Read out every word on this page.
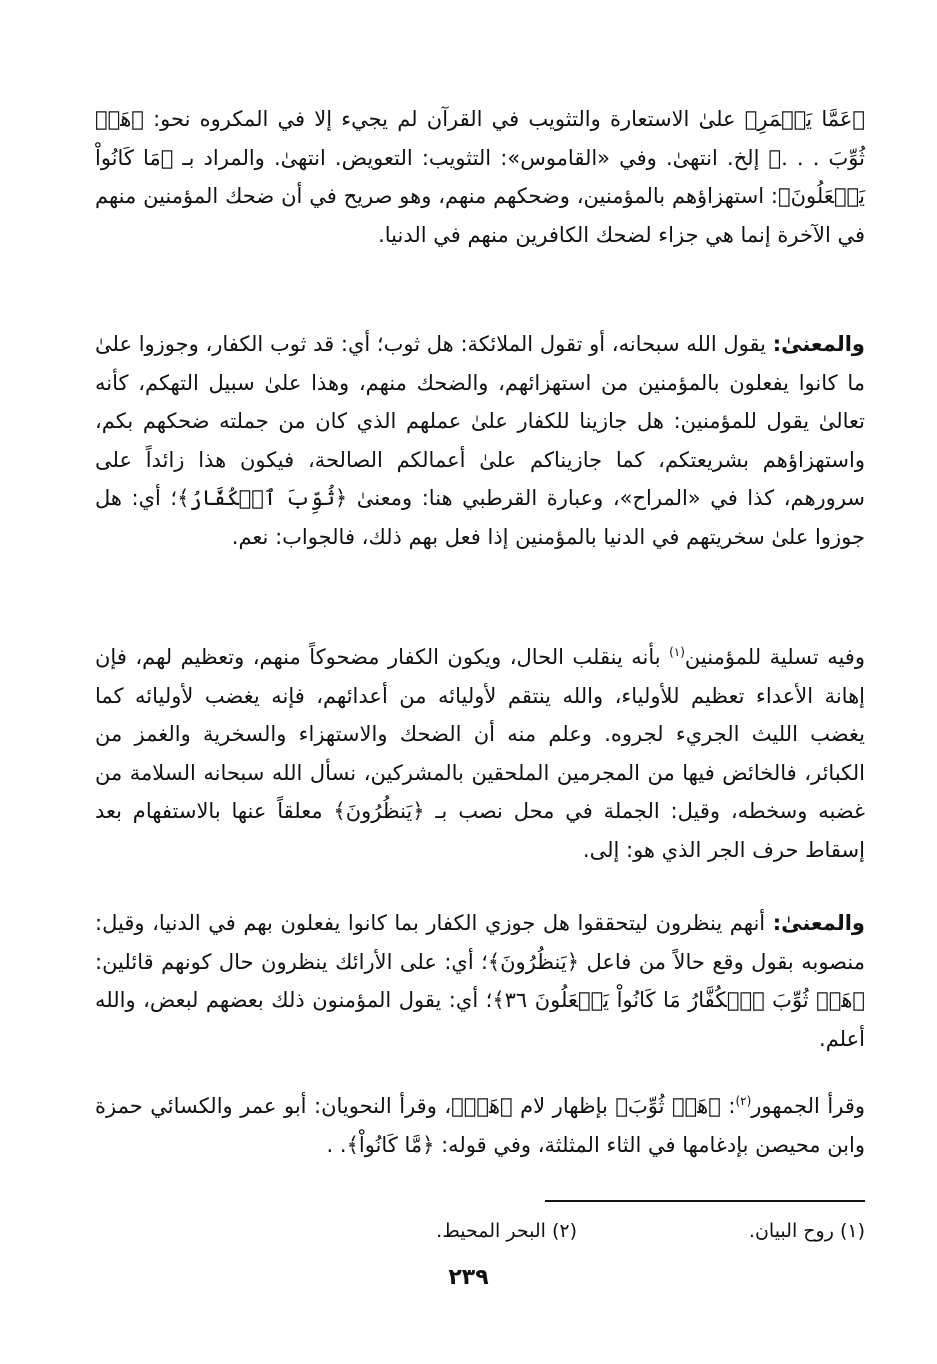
﴿عَمَّا يَعۡمَرِ﴾ علىٰ الاستعارة والتثويب في القرآن لم يجيء إلا في المكروه نحو: ﴿هَلۡ ثُوِّبَ . . .﴾ إلخ. انتهىٰ. وفي «القاموس»: التثويب: التعويض. انتهىٰ. والمراد بـ ﴿مَا كَانُواْ يَفۡعَلُونَ﴾: استهزاؤهم بالمؤمنين، وضحكهم منهم، وهو صريح في أن ضحك المؤمنين منهم في الآخرة إنما هي جزاء لضحك الكافرين منهم في الدنيا.

والمعنىٰ: يقول الله سبحانه، أو تقول الملائكة: هل ثوب؛ أي: قد ثوب الكفار، وجوزوا علىٰ ما كانوا يفعلون بالمؤمنين من استهزائهم، والضحك منهم، وهذا علىٰ سبيل التهكم، كأنه تعالىٰ يقول للمؤمنين: هل جازينا للكفار علىٰ عملهم الذي كان من جملته ضحكهم بكم، واستهزاؤهم بشريعتكم، كما جازيناكم علىٰ أعمالكم الصالحة، فيكون هذا زائداً على سرورهم، كذا في «المراح»، وعبارة القرطبي هنا: ومعنىٰ ﴿ثُوِّبَ ٱلۡكُفَّارُ﴾؛ أي: هل جوزوا علىٰ سخريتهم في الدنيا بالمؤمنين إذا فعل بهم ذلك، فالجواب: نعم.

وفيه تسلية للمؤمنين$^{(١)}$ بأنه ينقلب الحال، ويكون الكفار مضحوكاً منهم، وتعظيم لهم، فإن إهانة الأعداء تعظيم للأولياء، والله ينتقم لأوليائه من أعدائهم، فإنه يغضب لأوليائه كما يغضب الليث الجريء لجروه. وعلم منه أن الضحك والاستهزاء والسخرية والغمز من الكبائر، فالخائض فيها من المجرمين الملحقين بالمشركين، نسأل الله سبحانه السلامة من غضبه وسخطه، وقيل: الجملة في محل نصب بـ ﴿يَنظُرُونَ﴾ معلقاً عنها بالاستفهام بعد إسقاط حرف الجر الذي هو: إلى.

والمعنىٰ: أنهم ينظرون ليتحققوا هل جوزي الكفار بما كانوا يفعلون بهم في الدنيا، وقيل: منصوبه بقول وقع حالاً من فاعل ﴿يَنظُرُونَ﴾؛ أي: على الأرائك ينظرون حال كونهم قائلين: ﴿هَلۡ ثُوِّبَ ٱلۡكُفَّارُ مَا كَانُواْ يَفۡعَلُونَ ٣٦﴾؛ أي: يقول المؤمنون ذلك بعضهم لبعض، والله أعلم.

وقرأ الجمهور$^{(٢)}$: ﴿هَلۡ ثُوِّبَ﴾ بإظهار لام ﴿هَلۡ﴾، وقرأ النحويان: أبو عمر والكسائي حمزة وابن محيصن بإدغامها في الثاء المثلثة، وفي قوله: ﴿مَّا كَانُواْ﴾. .

(١) روح البيان.
(٢) البحر المحيط.
٢٣٩
